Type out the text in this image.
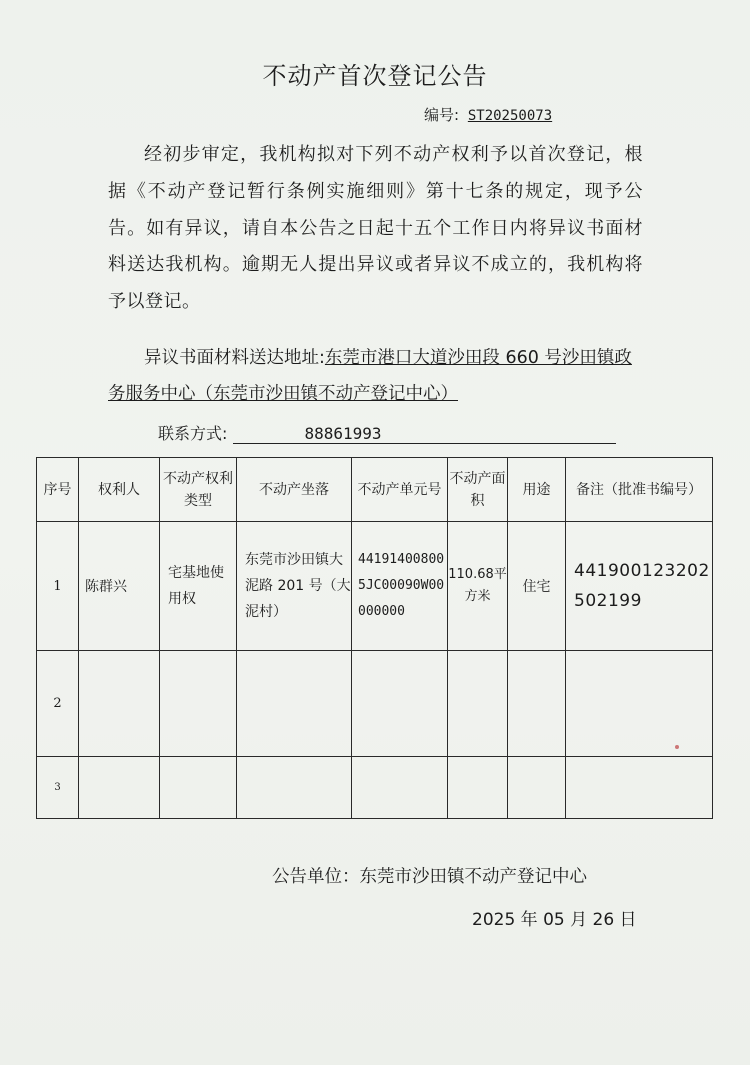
不动产首次登记公告
编号: ST20250073
经初步审定，我机构拟对下列不动产权利予以首次登记，根据《不动产登记暂行条例实施细则》第十七条的规定，现予公告。如有异议，请自本公告之日起十五个工作日内将异议书面材料送达我机构。逾期无人提出异议或者异议不成立的，我机构将予以登记。
异议书面材料送达地址:东莞市港口大道沙田段 660 号沙田镇政务服务中心（东莞市沙田镇不动产登记中心）
联系方式:	88861993
序号	权利人	不动产权利类型	不动产坐落	不动产单元号	不动产面积	用途	备注（批准书编号）
1	陈群兴	宅基地使用权	东莞市沙田镇大泥路 201 号（大泥村）	441914008005JC00090W00000000	110.68平方米	住宅	441900123202502199
2							
3							
公告单位：东莞市沙田镇不动产登记中心
2025 年 05 月 26 日
